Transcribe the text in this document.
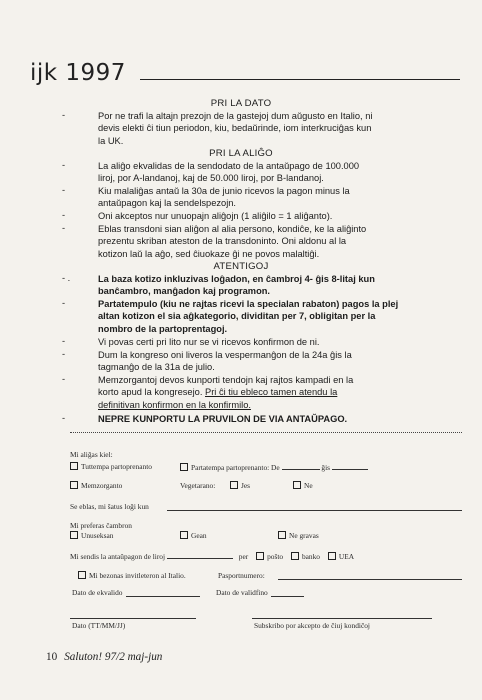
ijk 1997
PRI LA DATO
-	Por ne trafi la altajn prezojn de la gastejoj dum aŭgusto en Italio, ni
devis elekti ĉi tiun periodon, kiu, bedaŭrinde, iom interkruciĝas kun
la UK.
PRI LA ALIĜO
-	La aliĝo ekvalidas de la sendodato de la antaŭpago de 100.000
liroj, por A-landanoj, kaj de 50.000 liroj, por B-landanoj.
-	Kiu malaliĝas antaŭ la 30a de junio ricevos la pagon minus la
antaŭpagon kaj la sendelspezojn.
-	Oni akceptos nur unuopajn aliĝojn (1 aliĝilo = 1 aliĝanto).
-	Eblas transdoni sian aliĝon al alia persono, kondiĉe, ke la aliĝinto
prezentu skriban ateston de la transdoninto. Oni aldonu al la
kotizon laŭ la aĝo, sed ĉiuokaze ĝi ne povos malaltiĝi.
ATENTIGOJ
- .	La baza kotizo inkluzivas loĝadon, en ĉambroj 4- ĝis 8-litaj kun
banĉambro, manĝadon kaj programon.
-	Partatempulo (kiu ne rajtas ricevi la specialan rabaton) pagos la plej
altan kotizon el sia aĝkategorio, dividitan per 7, obligitan per la
nombro de la partoprentagoj.
-	Vi povas certi pri lito nur se vi ricevos konfirmon de ni.
-	Dum la kongreso oni liveros la vespermanĝon de la 24a ĝis la
tagmanĝo de la 31a de julio.
-	Memzorgantoj devos kunporti tendojn kaj rajtos kampadi en la
korto apud la kongresejo. Pri ĉi tiu ebleco tamen atendu la
definitivan konfirmon en la konfirmilo.
-	NEPRE KUNPORTU LA PRUVILON DE VIA ANTAŬPAGO.
Mi aliĝas kiel:
Tuttempa partoprenanto	Partatempa partoprenanto: De	ĝis
Memzorganto	Vegetarano:	Jes	Ne
Se eblas, mi ŝatus loĝi kun
Mi preferas ĉambron
Unuseksan	Gean	Ne gravas
Mi sendis la antaŭpagon de liroj	per	poŝto	banko	UEA
Mi bezonas invitleteron al Italio.	Pasportnumero:
Dato de ekvalido	Dato de validfino
Dato (TT/MM/JJ)	Subskribo por akcepto de ĉiuj kondiĉoj
10 Saluton! 97/2 maj-jun
